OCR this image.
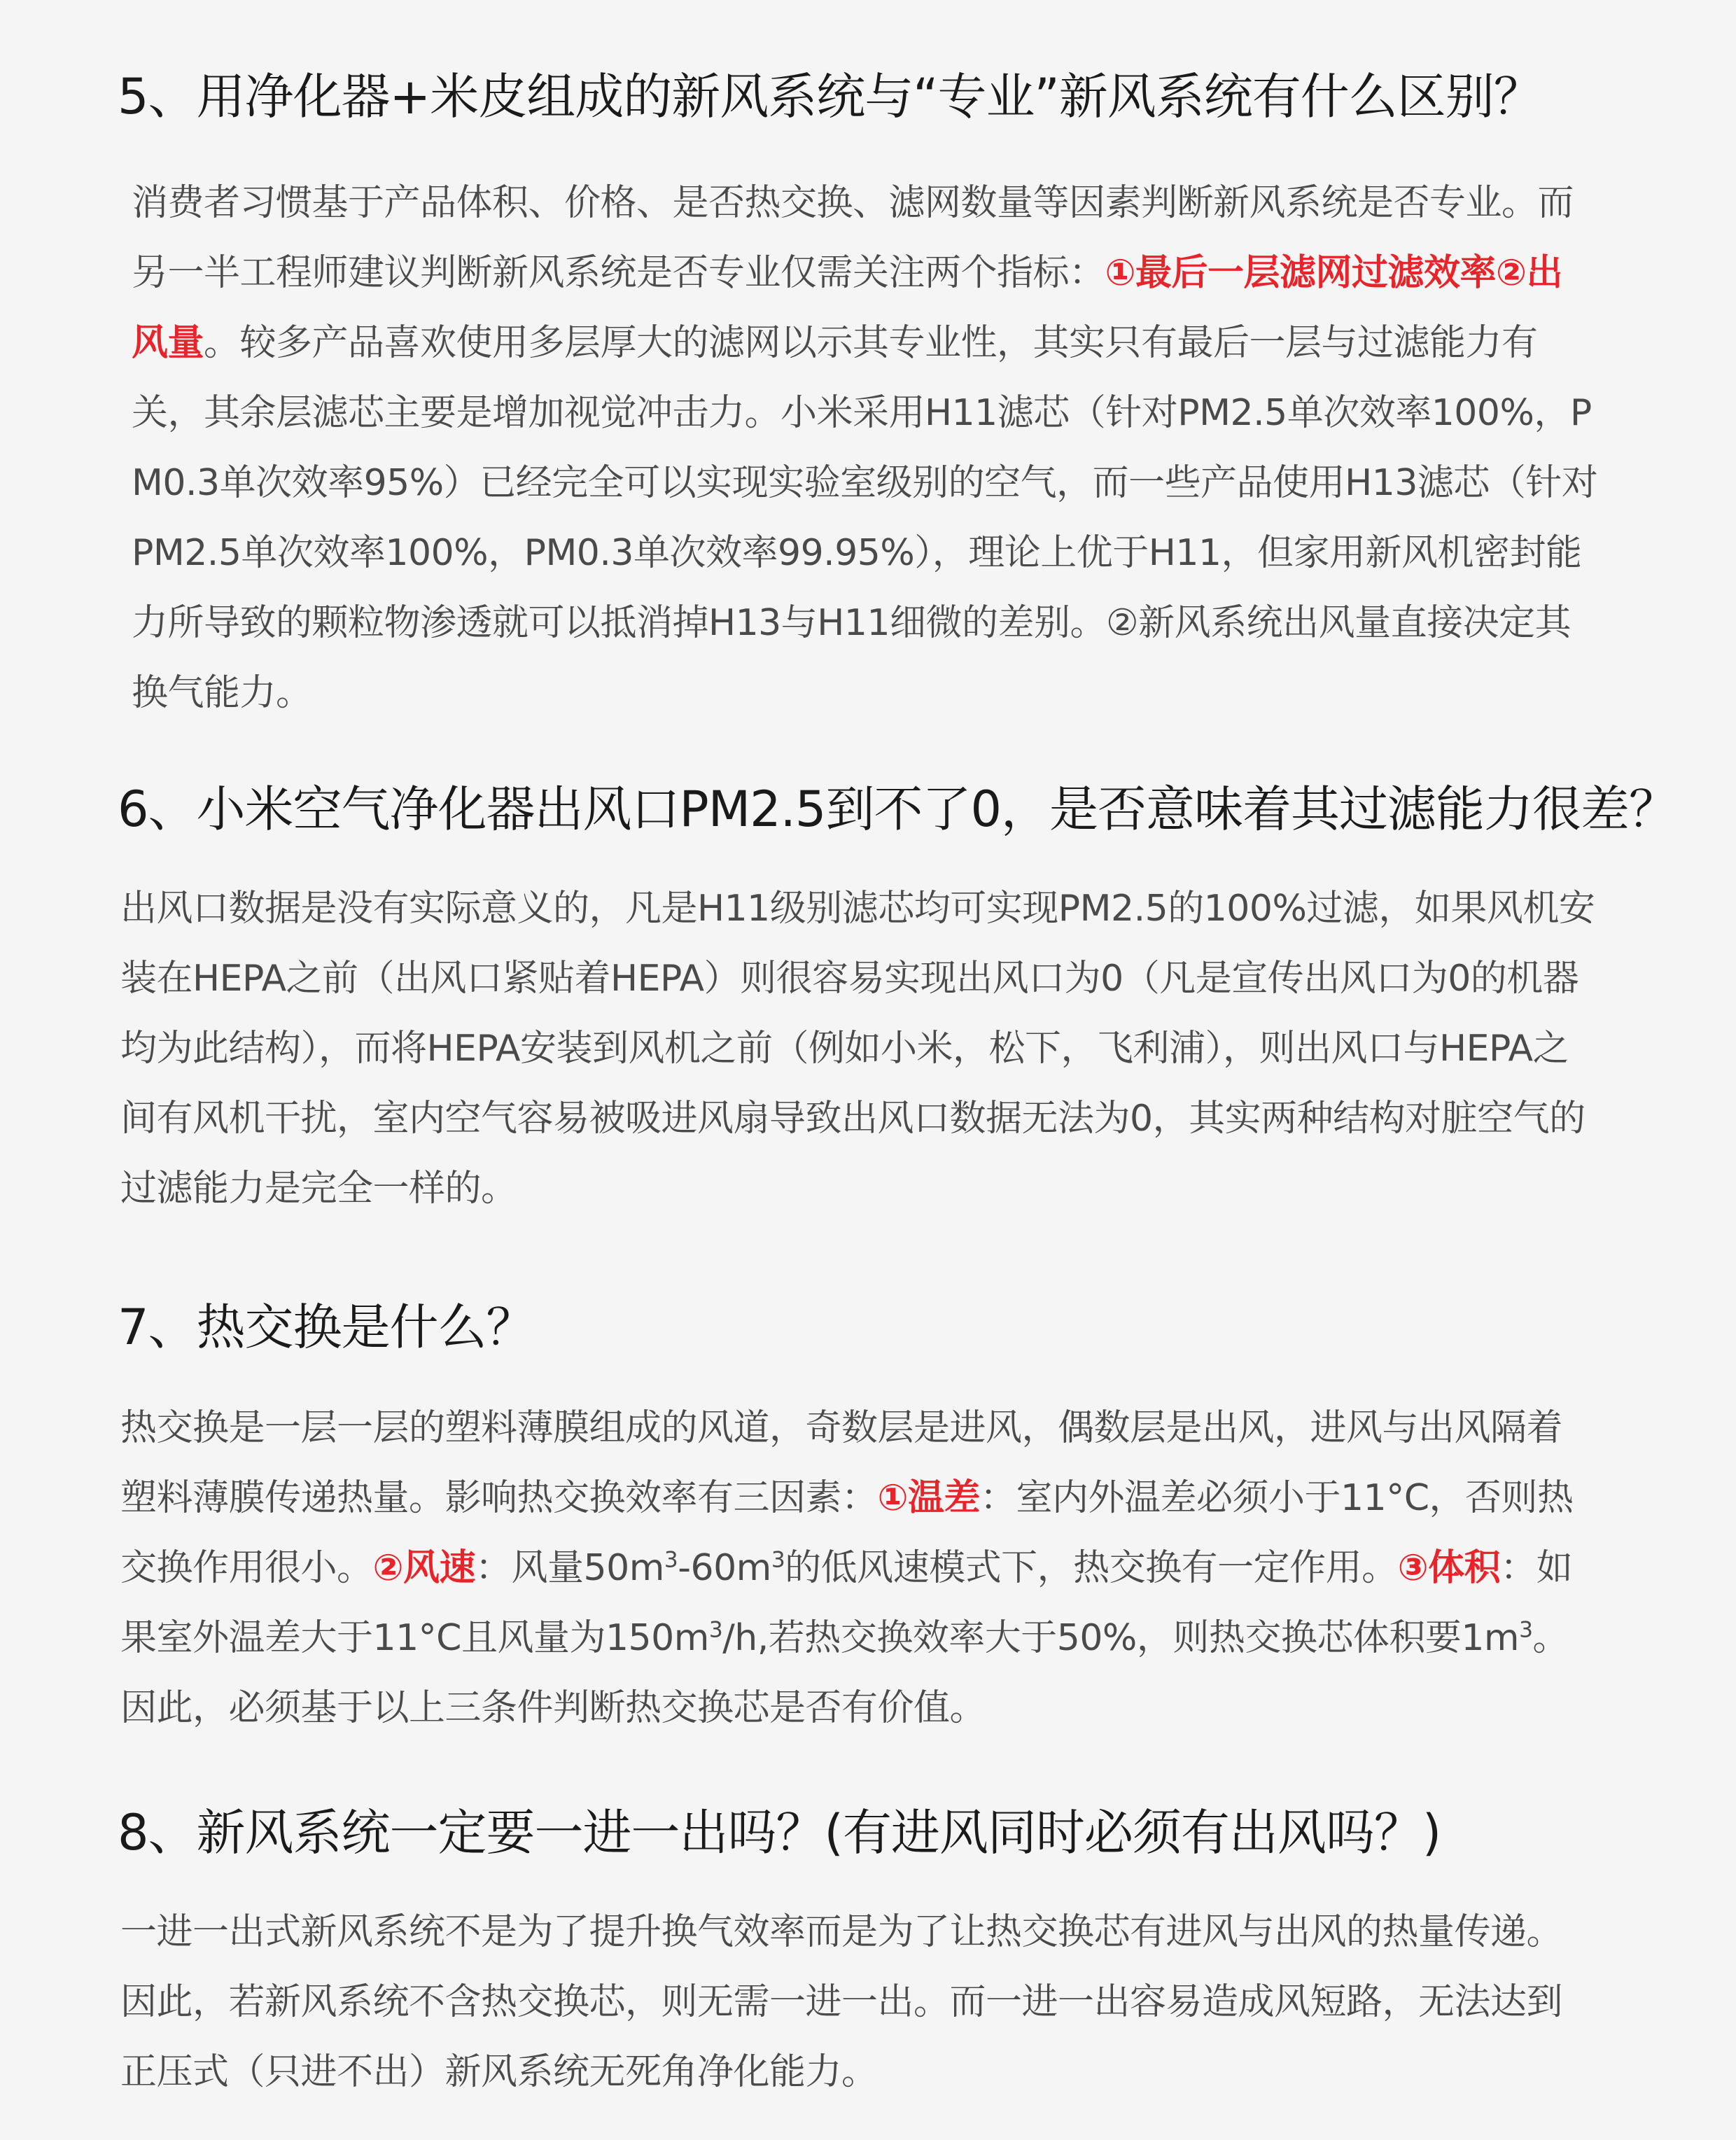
5、用净化器+米皮组成的新风系统与“专业”新风系统有什么区别？

消费者习惯基于产品体积、价格、是否热交换、滤网数量等因素判断新风系统是否专业。而另一半工程师建议判断新风系统是否专业仅需关注两个指标：①最后一层滤网过滤效率②出风量。较多产品喜欢使用多层厚大的滤网以示其专业性，其实只有最后一层与过滤能力有关，其余层滤芯主要是增加视觉冲击力。小米采用H11滤芯（针对PM2.5单次效率100%，PM0.3单次效率95%）已经完全可以实现实验室级别的空气，而一些产品使用H13滤芯（针对PM2.5单次效率100%，PM0.3单次效率99.95%），理论上优于H11，但家用新风机密封能力所导致的颗粒物渗透就可以抵消掉H13与H11细微的差别。②新风系统出风量直接决定其换气能力。

6、小米空气净化器出风口PM2.5到不了0，是否意味着其过滤能力很差？

出风口数据是没有实际意义的，凡是H11级别滤芯均可实现PM2.5的100%过滤，如果风机安装在HEPA之前（出风口紧贴着HEPA）则很容易实现出风口为0（凡是宣传出风口为0的机器均为此结构），而将HEPA安装到风机之前（例如小米，松下，飞利浦），则出风口与HEPA之间有风机干扰，室内空气容易被吸进风扇导致出风口数据无法为0，其实两种结构对脏空气的过滤能力是完全一样的。

7、热交换是什么？

热交换是一层一层的塑料薄膜组成的风道，奇数层是进风，偶数层是出风，进风与出风隔着塑料薄膜传递热量。影响热交换效率有三因素：①温差：室内外温差必须小于11°C，否则热交换作用很小。②风速：风量$50m^3-60m^3$的低风速模式下，热交换有一定作用。③体积：如果室外温差大于11°C且风量为$150m^3/h$,若热交换效率大于50%，则热交换芯体积要$1m^3$。因此，必须基于以上三条件判断热交换芯是否有价值。

8、新风系统一定要一进一出吗？(有进风同时必须有出风吗？)

一进一出式新风系统不是为了提升换气效率而是为了让热交换芯有进风与出风的热量传递。因此，若新风系统不含热交换芯，则无需一进一出。而一进一出容易造成风短路，无法达到正压式（只进不出）新风系统无死角净化能力。
